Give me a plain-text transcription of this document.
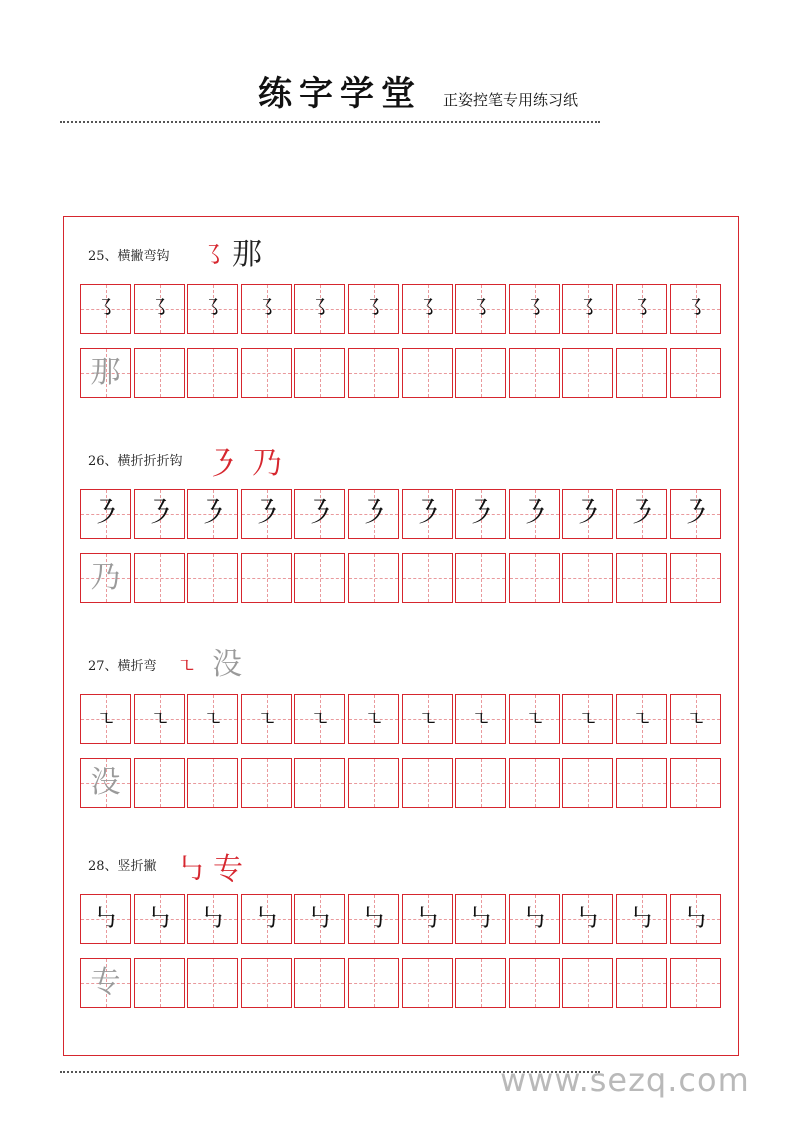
练字学堂 正姿控笔专用练习纸
25、横撇弯钩 ㇌ 那
㇌	㇌	㇌	㇌	㇌	㇌	㇌	㇌	㇌	㇌	㇌	㇌
那
26、横折折折钩 ㇋ 乃
㇋ ㇋ ㇋ ㇋ ㇋ ㇋ ㇋ ㇋ ㇋ ㇋ ㇋ ㇋
乃
27、横折弯 ㇍ 没
㇍	㇍	㇍	㇍	㇍	㇍	㇍	㇍	㇍	㇍	㇍	㇍
没
28、竖折撇 ㇉ 专
㇉	㇉	㇉	㇉	㇉	㇉	㇉	㇉	㇉	㇉	㇉	㇉
专
www.sezq.com
